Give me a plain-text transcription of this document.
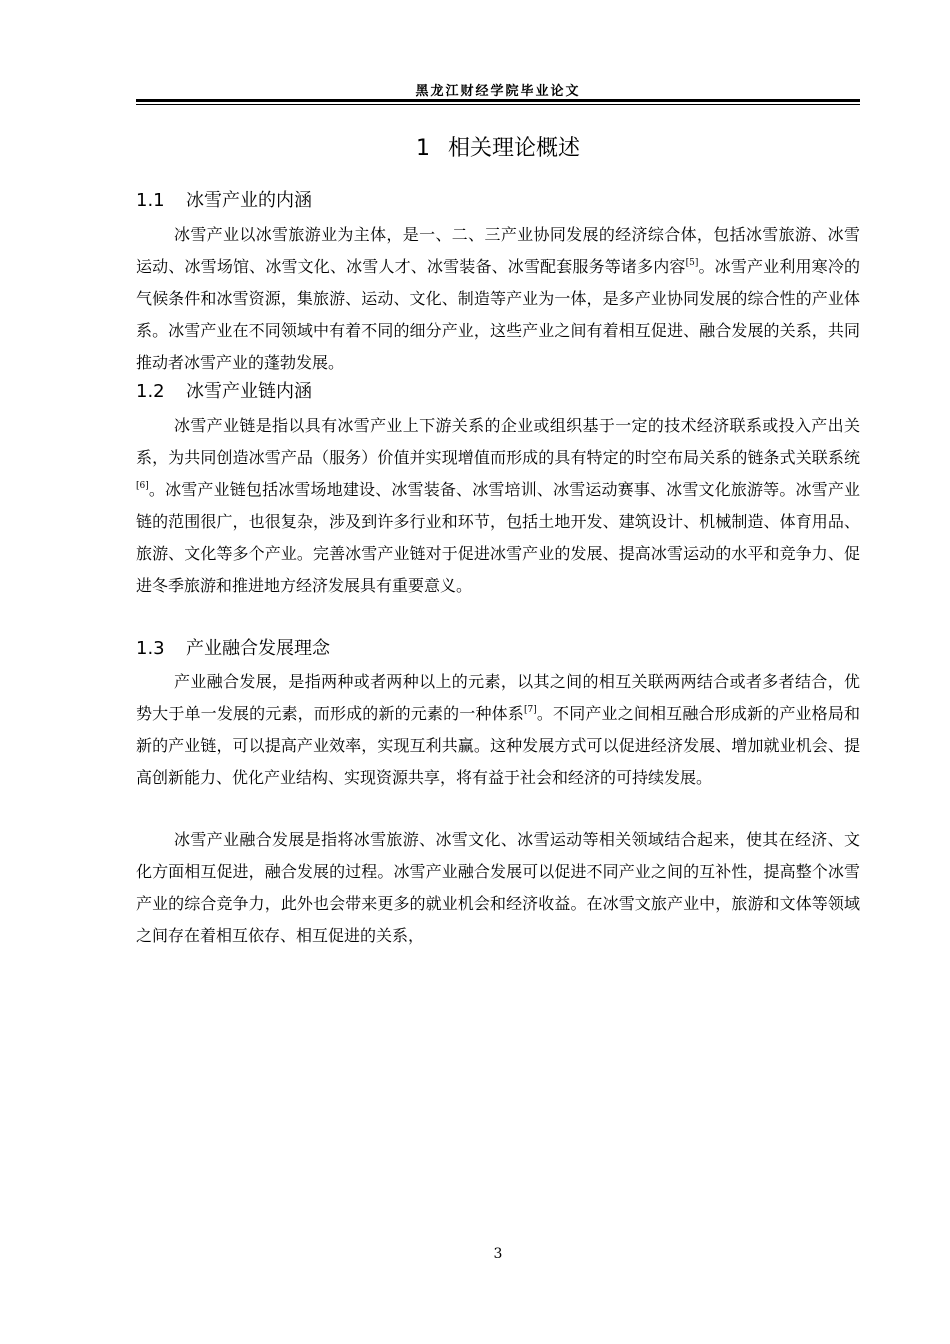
黑龙江财经学院毕业论文
1 相关理论概述
1.1 冰雪产业的内涵

冰雪产业以冰雪旅游业为主体，是一、二、三产业协同发展的经济综合体，包括冰雪旅游、冰雪运动、冰雪场馆、冰雪文化、冰雪人才、冰雪装备、冰雪配套服务等诸多内容[5]。冰雪产业利用寒冷的气候条件和冰雪资源，集旅游、运动、文化、制造等产业为一体，是多产业协同发展的综合性的产业体系。冰雪产业在不同领域中有着不同的细分产业，这些产业之间有着相互促进、融合发展的关系，共同推动者冰雪产业的蓬勃发展。

1.2 冰雪产业链内涵

冰雪产业链是指以具有冰雪产业上下游关系的企业或组织基于一定的技术经济联系或投入产出关系，为共同创造冰雪产品（服务）价值并实现增值而形成的具有特定的时空布局关系的链条式关联系统[6]。冰雪产业链包括冰雪场地建设、冰雪装备、冰雪培训、冰雪运动赛事、冰雪文化旅游等。冰雪产业链的范围很广，也很复杂，涉及到许多行业和环节，包括土地开发、建筑设计、机械制造、体育用品、旅游、文化等多个产业。完善冰雪产业链对于促进冰雪产业的发展、提高冰雪运动的水平和竞争力、促进冬季旅游和推进地方经济发展具有重要意义。

1.3 产业融合发展理念

产业融合发展，是指两种或者两种以上的元素，以其之间的相互关联两两结合或者多者结合，优势大于单一发展的元素，而形成的新的元素的一种体系[7]。不同产业之间相互融合形成新的产业格局和新的产业链，可以提高产业效率，实现互利共赢。这种发展方式可以促进经济发展、增加就业机会、提高创新能力、优化产业结构、实现资源共享，将有益于社会和经济的可持续发展。

冰雪产业融合发展是指将冰雪旅游、冰雪文化、冰雪运动等相关领域结合起来，使其在经济、文化方面相互促进，融合发展的过程。冰雪产业融合发展可以促进不同产业之间的互补性，提高整个冰雪产业的综合竞争力，此外也会带来更多的就业机会和经济收益。在冰雪文旅产业中，旅游和文体等领域之间存在着相互依存、相互促进的关系，

3
